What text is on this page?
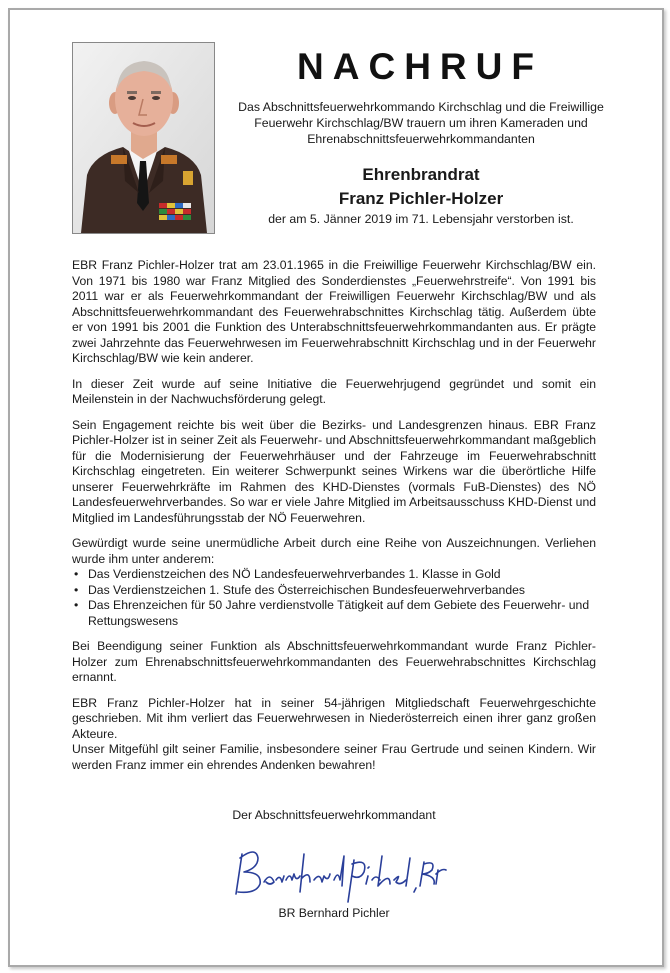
NACHRUF
Das Abschnittsfeuerwehrkommando Kirchschlag und die Freiwillige Feuerwehr Kirchschlag/BW trauern um ihren Kameraden und Ehrenabschnittsfeuerwehrkommandanten
Ehrenbrandrat
Franz Pichler-Holzer
der am 5. Jänner 2019 im 71. Lebensjahr verstorben ist.

EBR Franz Pichler-Holzer trat am 23.01.1965 in die Freiwillige Feuerwehr Kirchschlag/BW ein. Von 1971 bis 1980 war Franz Mitglied des Sonderdienstes „Feuerwehrstreife“. Von 1991 bis 2011 war er als Feuerwehrkommandant der Freiwilligen Feuerwehr Kirchschlag/BW und als Abschnittsfeuerwehrkommandant des Feuerwehrabschnittes Kirchschlag tätig. Außerdem übte er von 1991 bis 2001 die Funktion des Unterabschnittsfeuerwehrkommandanten aus. Er prägte zwei Jahrzehnte das Feuerwehrwesen im Feuerwehrabschnitt Kirchschlag und in der Feuerwehr Kirchschlag/BW wie kein anderer.

In dieser Zeit wurde auf seine Initiative die Feuerwehrjugend gegründet und somit ein Meilenstein in der Nachwuchsförderung gelegt.

Sein Engagement reichte bis weit über die Bezirks- und Landesgrenzen hinaus. EBR Franz Pichler-Holzer ist in seiner Zeit als Feuerwehr- und Abschnittsfeuerwehrkommandant maßgeblich für die Modernisierung der Feuerwehrhäuser und der Fahrzeuge im Feuerwehrabschnitt Kirchschlag eingetreten. Ein weiterer Schwerpunkt seines Wirkens war die überörtliche Hilfe unserer Feuerwehrkräfte im Rahmen des KHD-Dienstes (vormals FuB-Dienstes) des NÖ Landesfeuerwehrverbandes. So war er viele Jahre Mitglied im Arbeitsausschuss KHD-Dienst und Mitglied im Landesführungsstab der NÖ Feuerwehren.

Gewürdigt wurde seine unermüdliche Arbeit durch eine Reihe von Auszeichnungen. Verliehen wurde ihm unter anderem:

• Das Verdienstzeichen des NÖ Landesfeuerwehrverbandes 1. Klasse in Gold
• Das Verdienstzeichen 1. Stufe des Österreichischen Bundesfeuerwehrverbandes
• Das Ehrenzeichen für 50 Jahre verdienstvolle Tätigkeit auf dem Gebiete des Feuerwehr- und Rettungswesens

Bei Beendigung seiner Funktion als Abschnittsfeuerwehrkommandant wurde Franz Pichler-Holzer zum Ehrenabschnittsfeuerwehrkommandanten des Feuerwehrabschnittes Kirchschlag ernannt.

EBR Franz Pichler-Holzer hat in seiner 54-jährigen Mitgliedschaft Feuerwehrgeschichte geschrieben. Mit ihm verliert das Feuerwehrwesen in Niederösterreich einen ihrer ganz großen Akteure.

Unser Mitgefühl gilt seiner Familie, insbesondere seiner Frau Gertrude und seinen Kindern. Wir werden Franz immer ein ehrendes Andenken bewahren!

Der Abschnittsfeuerwehrkommandant
BR Bernhard Pichler
